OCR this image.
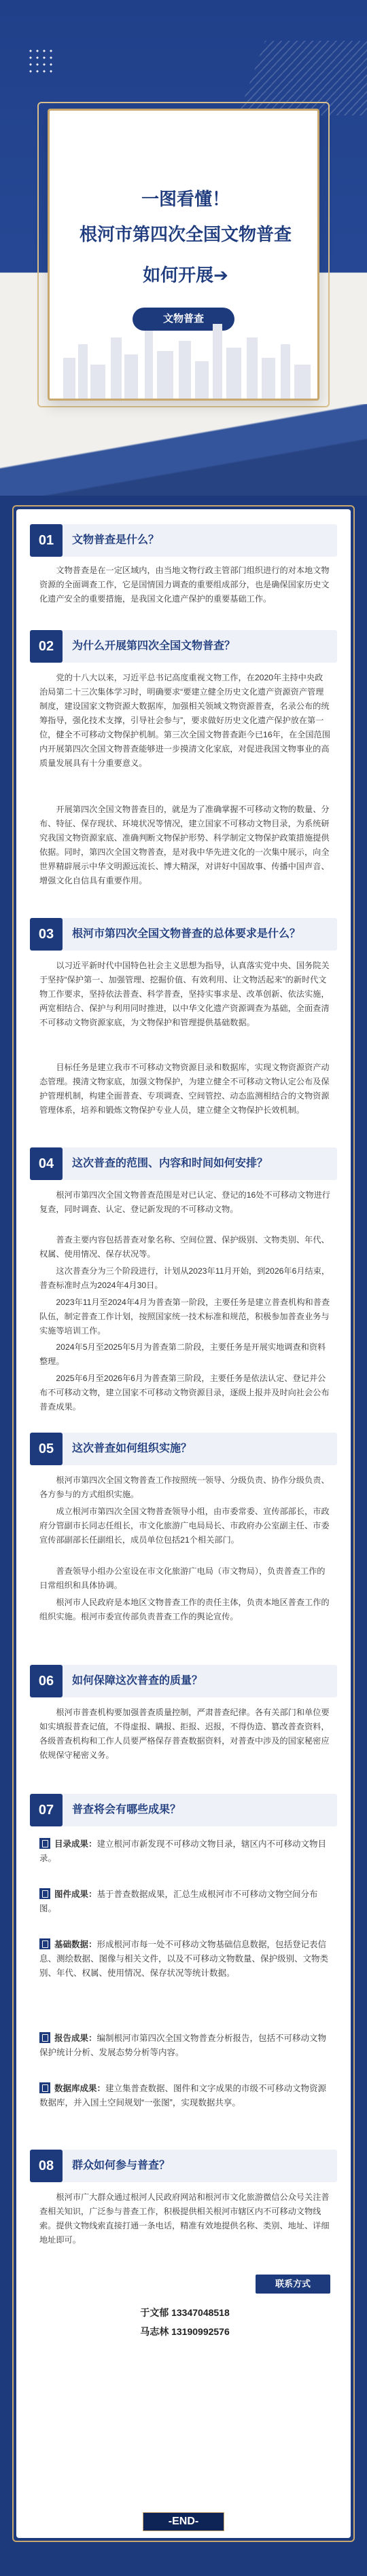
一图看懂！
根河市第四次全国文物普查
如何开展➔
文物普查
01	文物普查是什么？
文物普查是在一定区域内，由当地文物行政主管部门组织进行的对本地文物资源的全面调查工作，它是国情国力调查的重要组成部分，也是确保国家历史文化遗产安全的重要措施，是我国文化遗产保护的重要基础工作。
02	为什么开展第四次全国文物普查？
党的十八大以来，习近平总书记高度重视文物工作，在2020年主持中央政治局第二十三次集体学习时，明确要求“要建立健全历史文化遗产资源资产管理制度，建设国家文物资源大数据库，加强相关领域文物资源普查，名录公布的统筹指导，强化技术支撑，引导社会参与”，要求做好历史文化遗产保护放在第一位，健全不可移动文物保护机制。第三次全国文物普查距今已16年，在全国范围内开展第四次全国文物普查能够进一步摸清文化家底，对促进我国文物事业的高质量发展具有十分重要意义。
开展第四次全国文物普查目的，就是为了准确掌握不可移动文物的数量、分布、特征、保存现状、环境状况等情况，建立国家不可移动文物目录，为系统研究我国文物资源家底、准确判断文物保护形势、科学制定文物保护政策措施提供依据。同时，第四次全国文物普查，是对我中华先进文化的一次集中展示，向全世界精辟展示中华文明源远流长、博大精深，对讲好中国故事、传播中国声音、增强文化自信具有重要作用。
03	根河市第四次全国文物普查的总体要求是什么？
以习近平新时代中国特色社会主义思想为指导，认真落实党中央、国务院关于坚持“保护第一、加强管理、挖掘价值、有效利用、让文物活起来”的新时代文物工作要求，坚持依法普查、科学普查，坚持实事求是、改革创新、依法实施，两宽相结合、保护与利用同时推进，以中华文化遗产资源调查为基础，全面查清不可移动文物资源家底，为文物保护和管理提供基础数据。
目标任务是建立我市不可移动文物资源目录和数据库，实现文物资源资产动态管理。摸清文物家底，加强文物保护，为建立健全不可移动文物认定公布及保护管理机制，构建全面普查、专项调查、空间管控、动态监测相结合的文物资源管理体系，培养和锻炼文物保护专业人员，建立健全文物保护长效机制。
04	这次普查的范围、内容和时间如何安排？
根河市第四次全国文物普查范围是对已认定、登记的16处不可移动文物进行复查，同时调查、认定、登记新发现的不可移动文物。
普查主要内容包括普查对象名称、空间位置、保护级别、文物类别、年代、权属、使用情况、保存状况等。
这次普查分为三个阶段进行，计划从2023年11月开始，到2026年6月结束，普查标准时点为2024年4月30日。
2023年11月至2024年4月为普查第一阶段，主要任务是建立普查机构和普查队伍，制定普查工作计划，按照国家统一技术标准和规范，积极参加普查业务与实施等培训工作。
2024年5月至2025年5月为普查第二阶段，主要任务是开展实地调查和资料整理。
2025年6月至2026年6月为普查第三阶段，主要任务是依法认定、登记并公布不可移动文物，建立国家不可移动文物资源目录，逐级上报并及时向社会公布普查成果。
05	这次普查如何组织实施？
根河市第四次全国文物普查工作按照统一领导、分级负责、协作分级负责、各方参与的方式组织实施。
成立根河市第四次全国文物普查领导小组，由市委常委、宣传部部长，市政府分管副市长同志任组长，市文化旅游广电局局长、市政府办公室副主任、市委宣传部副部长任副组长，成员单位包括21个相关部门。
普查领导小组办公室设在市文化旅游广电局（市文物局），负责普查工作的日常组织和具体协调。
根河市人民政府是本地区文物普查工作的责任主体，负责本地区普查工作的组织实施。根河市委宣传部负责普查工作的舆论宣传。
06	如何保障这次普查的质量？
根河市普查机构要加强普查质量控制，严肃普查纪律。各有关部门和单位要如实填报普查记值，不得虚报、瞒报、拒报、迟报，不得伪造、篡改普查资料，各级普查机构和工作人员要严格保存普查数据资料，对普查中涉及的国家秘密应依规保守秘密义务。
07	普查将会有哪些成果？
目录成果：建立根河市新发现不可移动文物目录，辖区内不可移动文物目录。
图件成果：基于普查数据成果，汇总生成根河市不可移动文物空间分布图。
基础数据：形成根河市每一处不可移动文物基础信息数据，包括登记表信息、测绘数据、图像与相关文件，以及不可移动文物数量、保护级别、文物类别、年代、权属、使用情况、保存状况等统计数据。
报告成果：编制根河市第四次全国文物普查分析报告，包括不可移动文物保护统计分析、发展态势分析等内容。
数据库成果：建立集普查数据、图件和文字成果的市级不可移动文物资源数据库，并入国土空间规划“一张图”，实现数据共享。
08	群众如何参与普查？
根河市广大群众通过根河人民政府网站和根河市文化旅游微信公众号关注普查相关知识，广泛参与普查工作，积极提供相关根河市辖区内不可移动文物线索。提供文物线索直接打通一条电话，精准有效地提供名称、类别、地址、详细地址即可。
联系方式
于文郁 13347048518
马志林 13190992576
-END-
